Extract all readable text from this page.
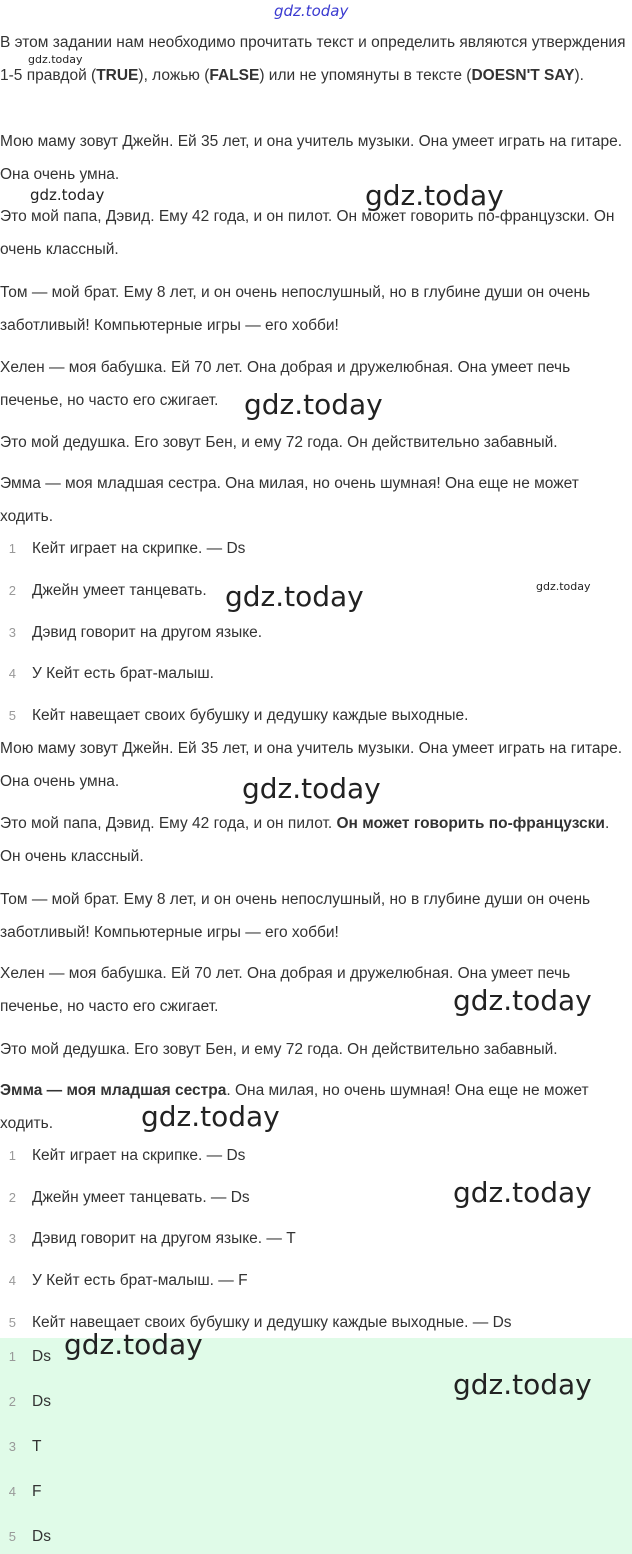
gdz.today
gdz.today
gdz.today
gdz.today
gdz.today
gdz.today	gdz.today
gdz.today
gdz.today
gdz.today
gdz.today

В этом задании нам необходимо прочитать текст и определить являются утверждения 1-5 правдой (TRUE), ложью (FALSE) или не упомянуты в тексте (DOESN'T SAY).

Мою маму зовут Джейн. Ей 35 лет, и она учитель музыки. Она умеет играть на гитаре. Она очень умна.

Это мой папа, Дэвид. Ему 42 года, и он пилот. Он может говорить по-французски. Он очень классный.

Том — мой брат. Ему 8 лет, и он очень непослушный, но в глубине души он очень заботливый! Компьютерные игры — его хобби!

Хелен — моя бабушка. Ей 70 лет. Она добрая и дружелюбная. Она умеет печь печенье, но часто его сжигает.

Это мой дедушка. Его зовут Бен, и ему 72 года. Он действительно забавный.

Эмма — моя младшая сестра. Она милая, но очень шумная! Она еще не может ходить.

1 Кейт играет на скрипке. — Ds
2 Джейн умеет танцевать.
3 Дэвид говорит на другом языке.
4 У Кейт есть брат-малыш.
5 Кейт навещает своих бубушку и дедушку каждые выходные.

Мою маму зовут Джейн. Ей 35 лет, и она учитель музыки. Она умеет играть на гитаре. Она очень умна.

Это мой папа, Дэвид. Ему 42 года, и он пилот. Он может говорить по-французски. Он очень классный.

Том — мой брат. Ему 8 лет, и он очень непослушный, но в глубине души он очень заботливый! Компьютерные игры — его хобби!

Хелен — моя бабушка. Ей 70 лет. Она добрая и дружелюбная. Она умеет печь печенье, но часто его сжигает.

Это мой дедушка. Его зовут Бен, и ему 72 года. Он действительно забавный.

Эмма — моя младшая сестра. Она милая, но очень шумная! Она еще не может ходить.

1 Кейт играет на скрипке. — Ds
2 Джейн умеет танцевать. — Ds
3 Дэвид говорит на другом языке. — T
4 У Кейт есть брат-малыш. — F
5 Кейт навещает своих бубушку и дедушку каждые выходные. — Ds
1 Ds
2 Ds
3 T
4 F
5 Ds
gdz.today
gdz.today
